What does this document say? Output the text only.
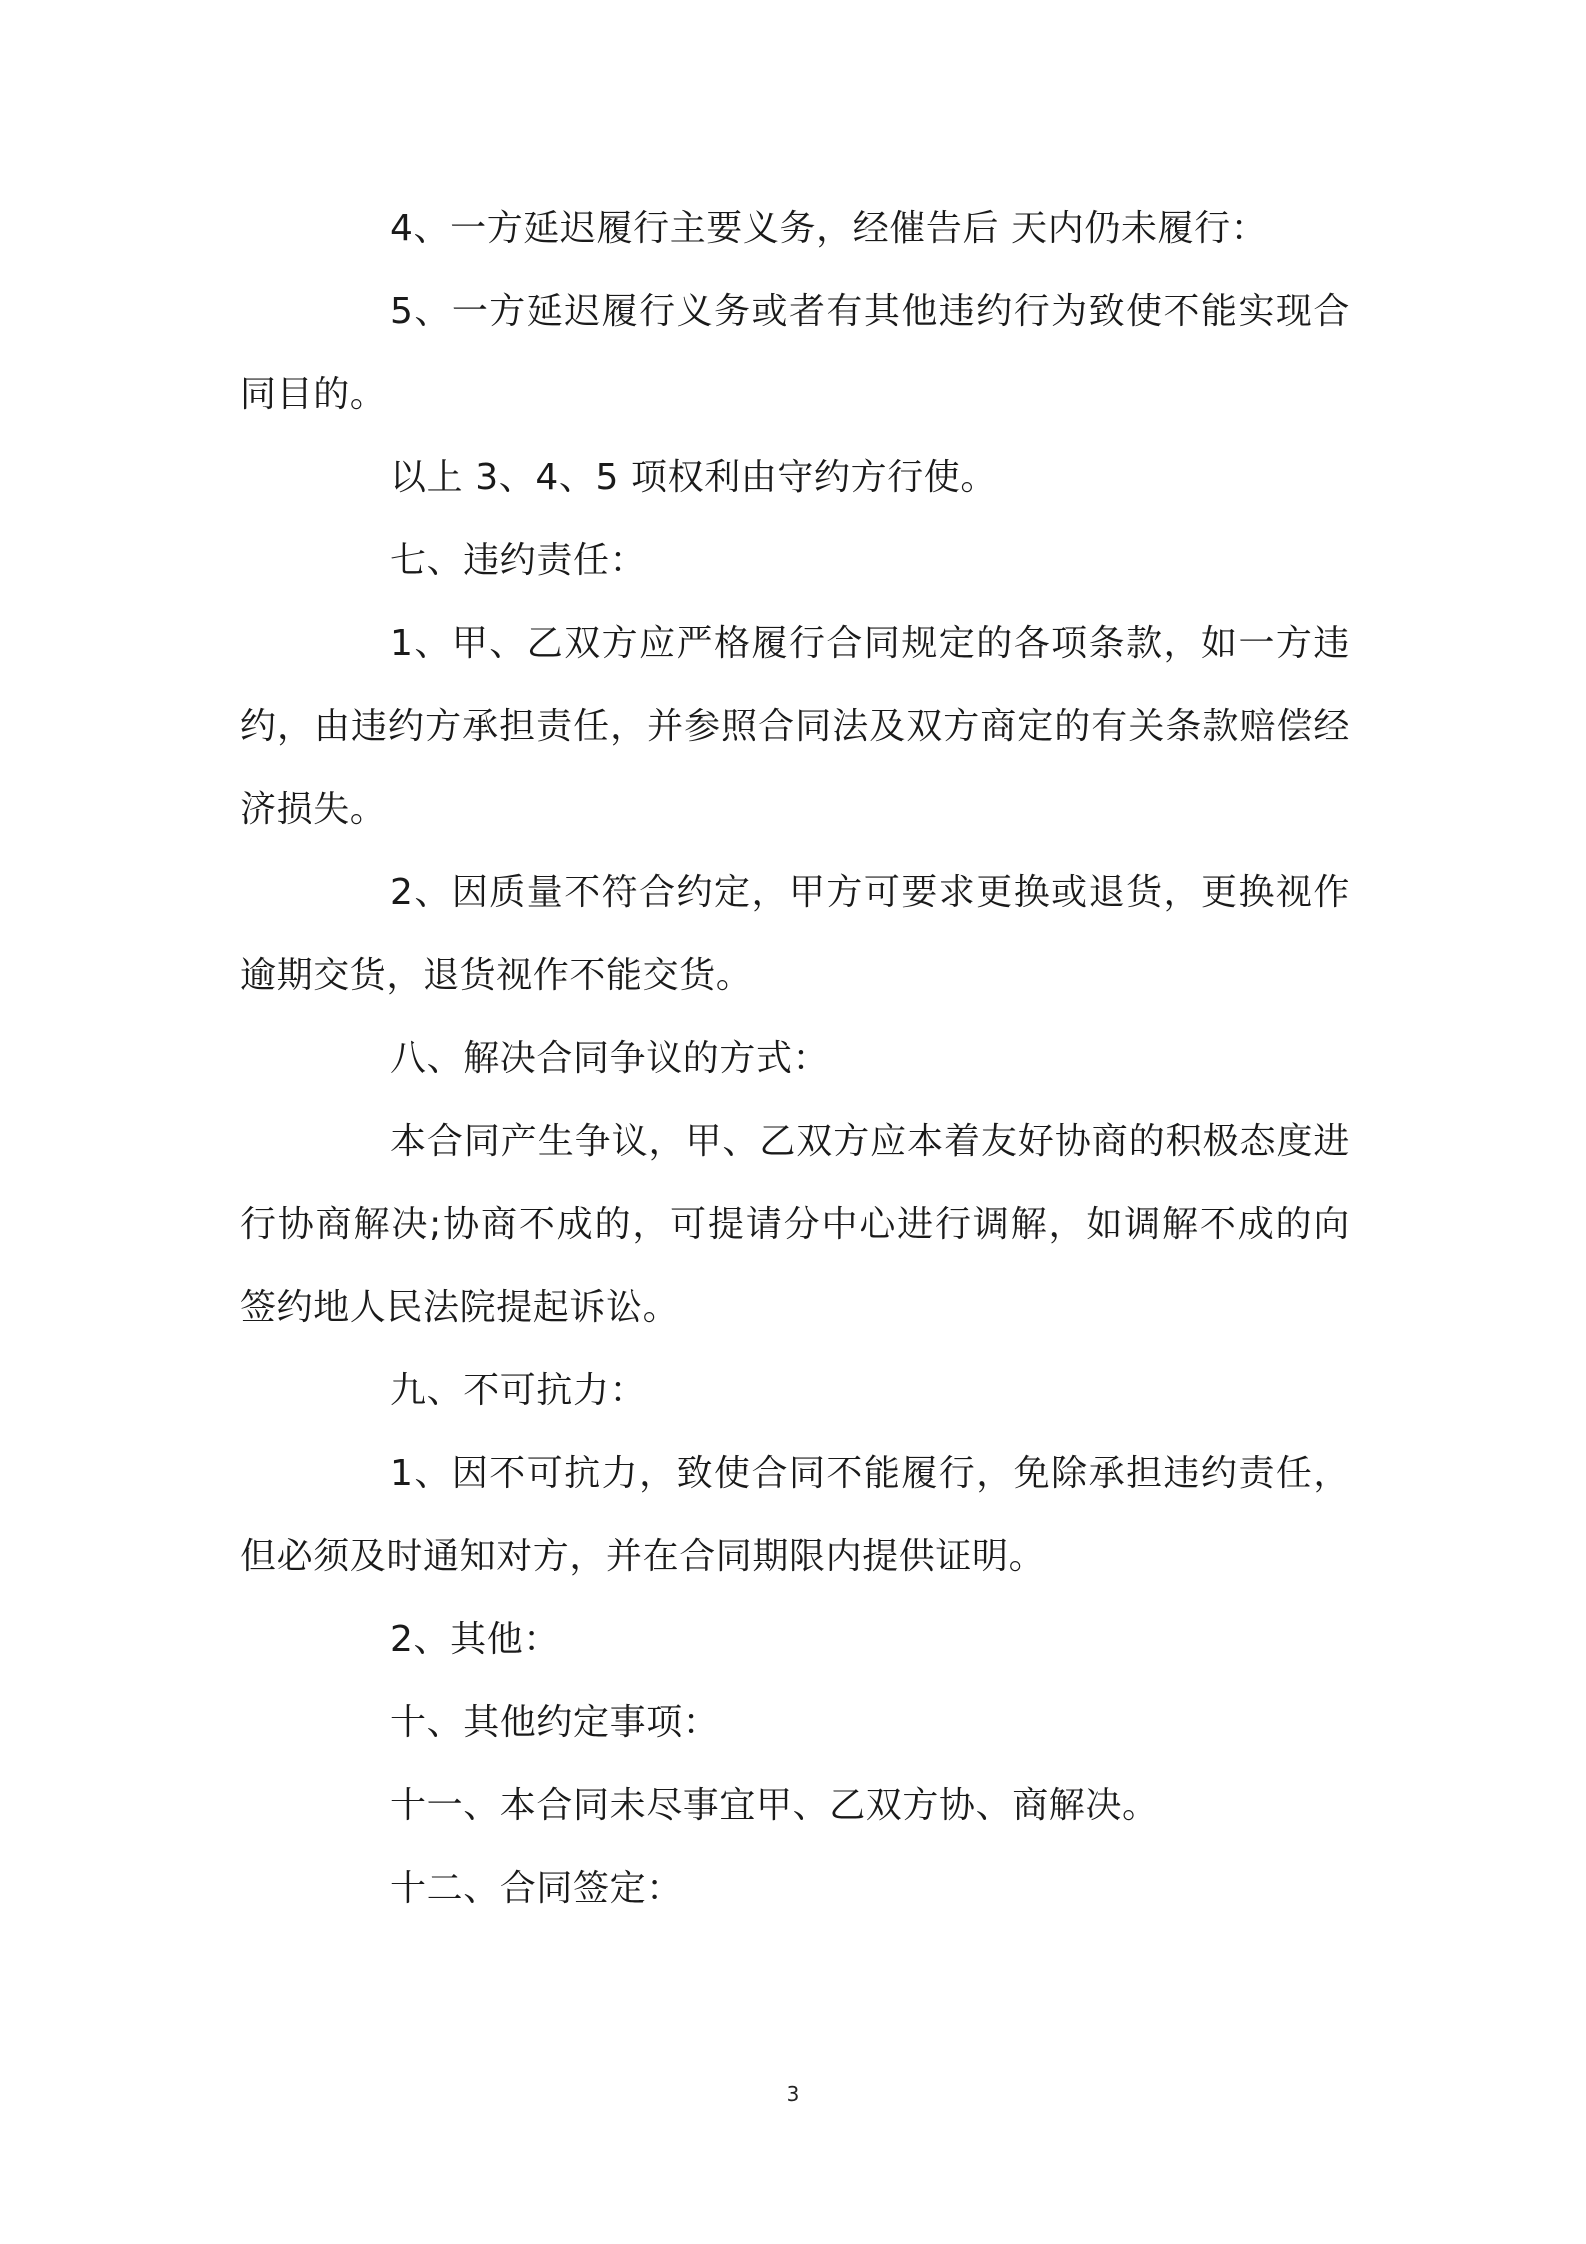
4、一方延迟履行主要义务，经催告后 天内仍未履行：

5、一方延迟履行义务或者有其他违约行为致使不能实现合同目的。

以上 3、4、5 项权利由守约方行使。

七、违约责任：

1、甲、乙双方应严格履行合同规定的各项条款，如一方违约，由违约方承担责任，并参照合同法及双方商定的有关条款赔偿经济损失。

2、因质量不符合约定，甲方可要求更换或退货，更换视作逾期交货，退货视作不能交货。

八、解决合同争议的方式：

本合同产生争议，甲、乙双方应本着友好协商的积极态度进行协商解决;协商不成的，可提请分中心进行调解，如调解不成的向签约地人民法院提起诉讼。

九、不可抗力：

1、因不可抗力，致使合同不能履行，免除承担违约责任，但必须及时通知对方，并在合同期限内提供证明。

2、其他：

十、其他约定事项：

十一、本合同未尽事宜甲、乙双方协、商解决。

十二、合同签定：

3
